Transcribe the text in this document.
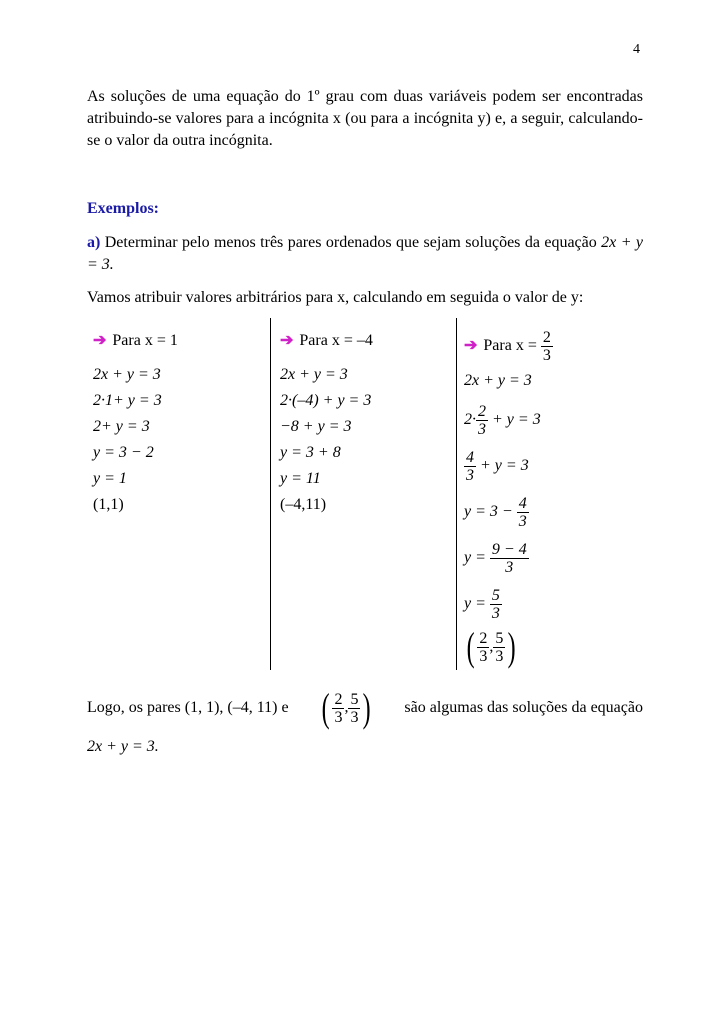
4
As soluções de uma equação do 1º grau com duas variáveis podem ser encontradas atribuindo-se valores para a incógnita x (ou para a incógnita y) e, a seguir, calculando-se o valor da outra incógnita.
Exemplos:
a) Determinar pelo menos três pares ordenados que sejam soluções da equação 2x + y = 3.
Vamos atribuir valores arbitrários para x, calculando em seguida o valor de y:
➔ Para x = 1
2x + y = 3
2·1+ y = 3
2+ y = 3
y = 3 − 2
y = 1
(1,1)
➔ Para x = –4
2x + y = 3
2·(–4) + y = 3
−8 + y = 3
y = 3 + 8
y = 11
(–4,11)
➔ Para $x = \frac{2}{3}$
2x + y = 3
$2\cdot \frac{2}{3} + y = 3$
$\frac{4}{3} + y = 3$
$y = 3 - \frac{4}{3}$
$y = \frac{9 - 4}{3}$
$y = \frac{5}{3}$
( $\frac{2}{3}$ , $\frac{5}{3}$ )
Logo, os pares (1, 1), (–4, 11) e ( $\frac{2}{3}$ , $\frac{5}{3}$ ) são algumas das soluções da equação
2x + y = 3.
